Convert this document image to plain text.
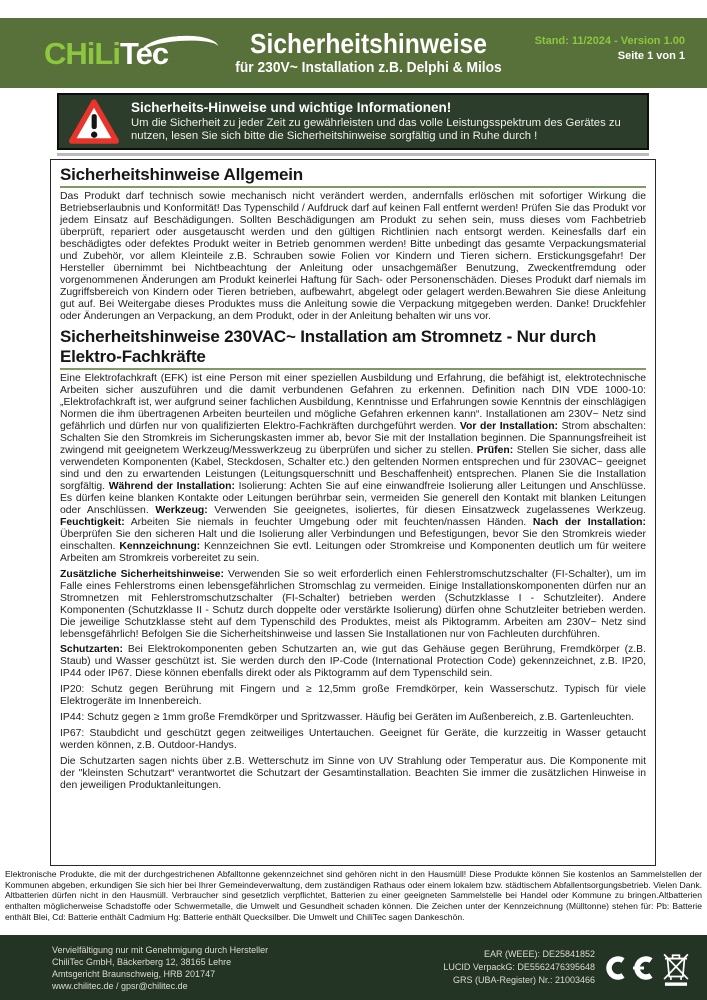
CHiLiTec	Sicherheitshinweise
für 230V~ Installation z.B. Delphi & Milos
Stand: 11/2024 - Version 1.00
Seite 1 von 1
Sicherheits-Hinweise und wichtige Informationen!
Um die Sicherheit zu jeder Zeit zu gewährleisten und das volle Leistungsspektrum des Gerätes zu nutzen, lesen Sie sich bitte die Sicherheitshinweise sorgfältig und in Ruhe durch !
Sicherheitshinweise Allgemein

Das Produkt darf technisch sowie mechanisch nicht verändert werden, andernfalls erlöschen mit sofortiger Wirkung die Betriebserlaubnis und Konformität! Das Typenschild / Aufdruck darf auf keinen Fall entfernt werden! Prüfen Sie das Produkt vor jedem Einsatz auf Beschädigungen. Sollten Beschädigungen am Produkt zu sehen sein, muss dieses vom Fachbetrieb überprüft, repariert oder ausgetauscht werden und den gültigen Richtlinien nach entsorgt werden. Keinesfalls darf ein beschädigtes oder defektes Produkt weiter in Betrieb genommen werden! Bitte unbedingt das gesamte Verpackungsmaterial und Zubehör, vor allem Kleinteile z.B. Schrauben sowie Folien vor Kindern und Tieren sichern. Erstickungsgefahr! Der Hersteller übernimmt bei Nichtbeachtung der Anleitung oder unsachgemäßer Benutzung, Zweckentfremdung oder vorgenommenen Änderungen am Produkt keinerlei Haftung für Sach- oder Personenschäden. Dieses Produkt darf niemals im Zugriffsbereich von Kindern oder Tieren betrieben, aufbewahrt, abgelegt oder gelagert werden.Bewahren Sie diese Anleitung gut auf. Bei Weitergabe dieses Produktes muss die Anleitung sowie die Verpackung mitgegeben werden. Danke! Druckfehler oder Änderungen an Verpackung, an dem Produkt, oder in der Anleitung behalten wir uns vor.

Sicherheitshinweise 230VAC~ Installation am Stromnetz - Nur durch Elektro-Fachkräfte

Eine Elektrofachkraft (EFK) ist eine Person mit einer speziellen Ausbildung und Erfahrung, die befähigt ist, elektrotechnische Arbeiten sicher auszuführen und die damit verbundenen Gefahren zu erkennen. Definition nach DIN VDE 1000-10:„Elektrofachkraft ist, wer aufgrund seiner fachlichen Ausbildung, Kenntnisse und Erfahrungen sowie Kenntnis der einschlägigen Normen die ihm übertragenen Arbeiten beurteilen und mögliche Gefahren erkennen kann“. Installationen am 230V~ Netz sind gefährlich und dürfen nur von qualifizierten Elektro-Fachkräften durchgeführt werden. Vor der Installation: Strom abschalten: Schalten Sie den Stromkreis im Sicherungskasten immer ab, bevor Sie mit der Installation beginnen. Die Spannungsfreiheit ist zwingend mit geeignetem Werkzeug/Messwerkzeug zu überprüfen und sicher zu stellen. Prüfen: Stellen Sie sicher, dass alle verwendeten Komponenten (Kabel, Steckdosen, Schalter etc.) den geltenden Normen entsprechen und für 230VAC~ geeignet sind und den zu erwartenden Leistungen (Leitungsquerschnitt und Beschaffenheit) entsprechen. Planen Sie die Installation sorgfältig. Während der Installation: Isolierung: Achten Sie auf eine einwandfreie Isolierung aller Leitungen und Anschlüsse. Es dürfen keine blanken Kontakte oder Leitungen berührbar sein, vermeiden Sie generell den Kontakt mit blanken Leitungen oder Anschlüssen. Werkzeug: Verwenden Sie geeignetes, isoliertes, für diesen Einsatzweck zugelassenes Werkzeug. Feuchtigkeit: Arbeiten Sie niemals in feuchter Umgebung oder mit feuchten/nassen Händen. Nach der Installation: Überprüfen Sie den sicheren Halt und die Isolierung aller Verbindungen und Befestigungen, bevor Sie den Stromkreis wieder einschalten. Kennzeichnung: Kennzeichnen Sie evtl. Leitungen oder Stromkreise und Komponenten deutlich um für weitere Arbeiten am Stromkreis vorbereitet zu sein.

Zusätzliche Sicherheitshinweise: Verwenden Sie so weit erforderlich einen Fehlerstromschutzschalter (FI-Schalter), um im Falle eines Fehlerstroms einen lebensgefährlichen Stromschlag zu vermeiden. Einige Installationskomponenten dürfen nur an Stromnetzen mit Fehlerstromschutzschalter (FI-Schalter) betrieben werden (Schutzklasse I - Schutzleiter). Andere Komponenten (Schutzklasse II - Schutz durch doppelte oder verstärkte Isolierung) dürfen ohne Schutzleiter betrieben werden. Die jeweilige Schutzklasse steht auf dem Typenschild des Produktes, meist als Piktogramm. Arbeiten am 230V~ Netz sind lebensgefährlich! Befolgen Sie die Sicherheitshinweise und lassen Sie Installationen nur von Fachleuten durchführen.

Schutzarten: Bei Elektrokomponenten geben Schutzarten an, wie gut das Gehäuse gegen Berührung, Fremdkörper (z.B. Staub) und Wasser geschützt ist. Sie werden durch den IP-Code (International Protection Code) gekennzeichnet, z.B. IP20, IP44 oder IP67. Diese können ebenfalls direkt oder als Piktogramm auf dem Typenschild sein.

IP20: Schutz gegen Berührung mit Fingern und ≥ 12,5mm große Fremdkörper, kein Wasserschutz. Typisch für viele Elektrogeräte im Innenbereich.

IP44: Schutz gegen ≥ 1mm große Fremdkörper und Spritzwasser. Häufig bei Geräten im Außenbereich, z.B. Gartenleuchten.

IP67: Staubdicht und geschützt gegen zeitweiliges Untertauchen. Geeignet für Geräte, die kurzzeitig in Wasser getaucht werden können, z.B. Outdoor-Handys.

Die Schutzarten sagen nichts über z.B. Wetterschutz im Sinne von UV Strahlung oder Temperatur aus. Die Komponente mit der "kleinsten Schutzart“ verantwortet die Schutzart der Gesamtinstallation. Beachten Sie immer die zusätzlichen Hinweise in den jeweiligen Produktanleitungen.

Elektronische Produkte, die mit der durchgestrichenen Abfalltonne gekennzeichnet sind gehören nicht in den Hausmüll! Diese Produkte können Sie kostenlos an Sammelstellen der Kommunen abgeben, erkundigen Sie sich hier bei Ihrer Gemeindeverwaltung, dem zuständigen Rathaus oder einem lokalem bzw. städtischem Abfallentsorgungsbetrieb. Vielen Dank. Altbatterien dürfen nicht in den Hausmüll. Verbraucher sind gesetzlich verpflichtet, Batterien zu einer geeigneten Sammelstelle bei Handel oder Kommune zu bringen.Altbatterien enthalten möglicherweise Schadstoffe oder Schwermetalle, die Umwelt und Gesundheit schaden können. Die Zeichen unter der Kennzeichnung (Mülltonne) stehen für: Pb: Batterie enthält Blei, Cd: Batterie enthält Cadmium Hg: Batterie enthält Quecksilber. Die Umwelt und ChiliTec sagen Dankeschön.
Vervielfältigung nur mit Genehmigung durch Hersteller
ChiliTec GmbH, Bäckerberg 12, 38165 Lehre
Amtsgericht Braunschweig, HRB 201747
www.chilitec.de / gpsr@chilitec.de
EAR (WEEE): DE25841852
LUCID VerpackG: DE5562476395648
GRS (UBA-Register) Nr.: 21003466
